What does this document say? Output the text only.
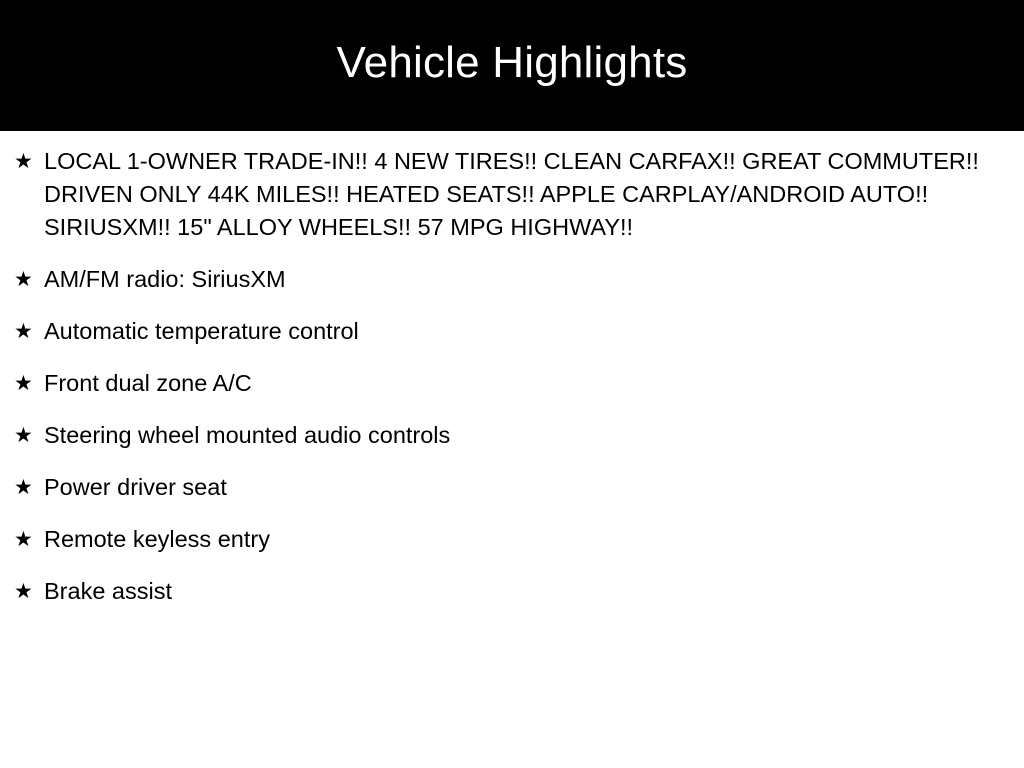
Vehicle Highlights
★ LOCAL 1-OWNER TRADE-IN!! 4 NEW TIRES!! CLEAN CARFAX!! GREAT COMMUTER!! DRIVEN ONLY 44K MILES!! HEATED SEATS!! APPLE CARPLAY/ANDROID AUTO!! SIRIUSXM!! 15" ALLOY WHEELS!! 57 MPG HIGHWAY!!
★ AM/FM radio: SiriusXM
★ Automatic temperature control
★ Front dual zone A/C
★ Steering wheel mounted audio controls
★ Power driver seat
★ Remote keyless entry
★ Brake assist
